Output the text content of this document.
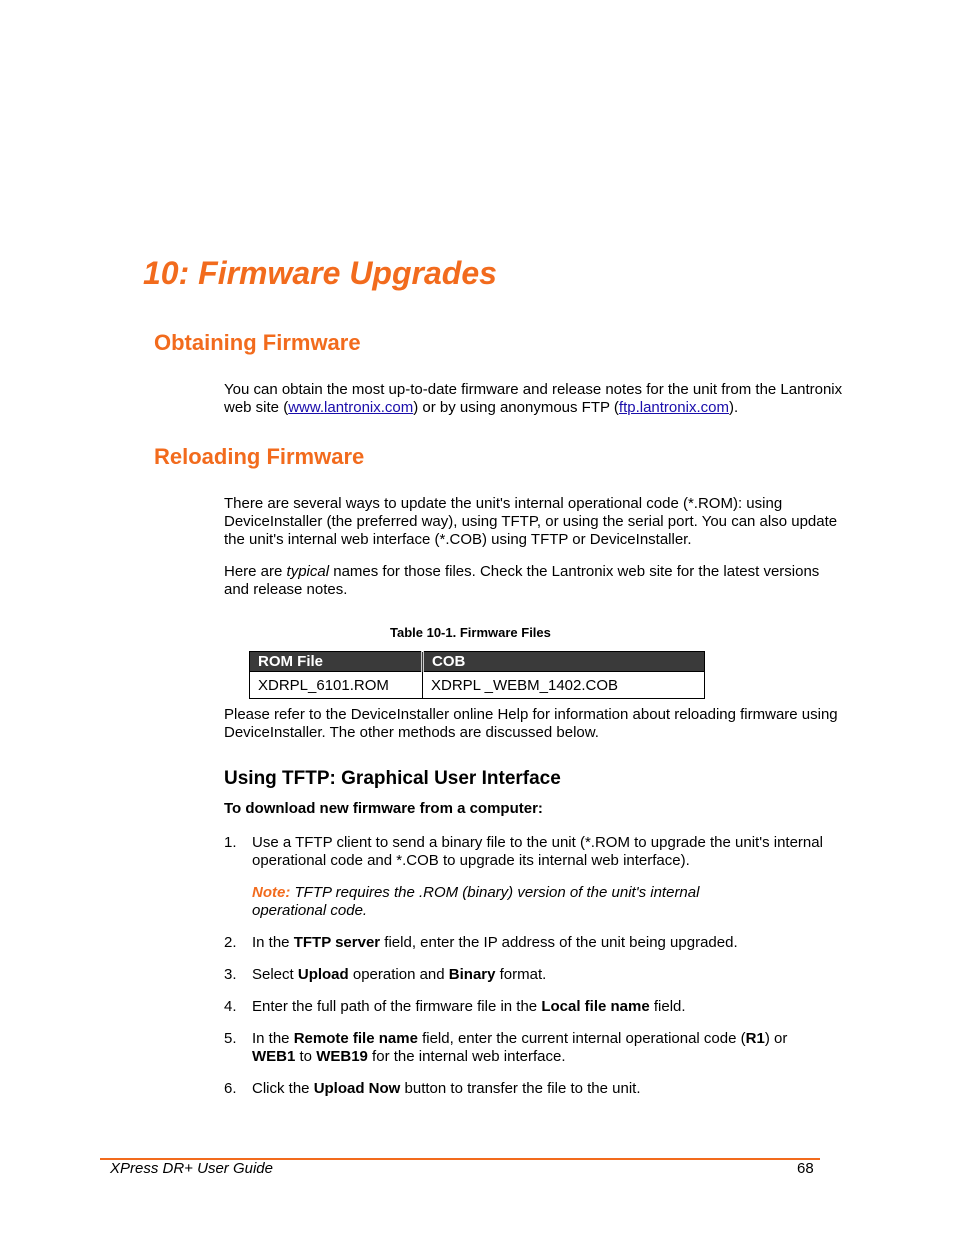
10: Firmware Upgrades
Obtaining Firmware

You can obtain the most up-to-date firmware and release notes for the unit from the Lantronix web site (www.lantronix.com) or by using anonymous FTP (ftp.lantronix.com).

Reloading Firmware

There are several ways to update the unit's internal operational code (*.ROM): using DeviceInstaller (the preferred way), using TFTP, or using the serial port. You can also update the unit's internal web interface (*.COB) using TFTP or DeviceInstaller.

Here are typical names for those files. Check the Lantronix web site for the latest versions and release notes.

Table 10-1. Firmware Files
ROM File	COB
XDRPL_6101.ROM	XDRPL _WEBM_1402.COB

Please refer to the DeviceInstaller online Help for information about reloading firmware using DeviceInstaller. The other methods are discussed below.

Using TFTP: Graphical User Interface
To download new firmware from a computer:
1. Use a TFTP client to send a binary file to the unit (*.ROM to upgrade the unit's internal operational code and *.COB to upgrade its internal web interface).
Note: TFTP requires the .ROM (binary) version of the unit's internal operational code.
2. In the TFTP server field, enter the IP address of the unit being upgraded.
3. Select Upload operation and Binary format.
4. Enter the full path of the firmware file in the Local file name field.
5. In the Remote file name field, enter the current internal operational code (R1) or WEB1 to WEB19 for the internal web interface.
6. Click the Upload Now button to transfer the file to the unit.
XPress DR+ User Guide	68
